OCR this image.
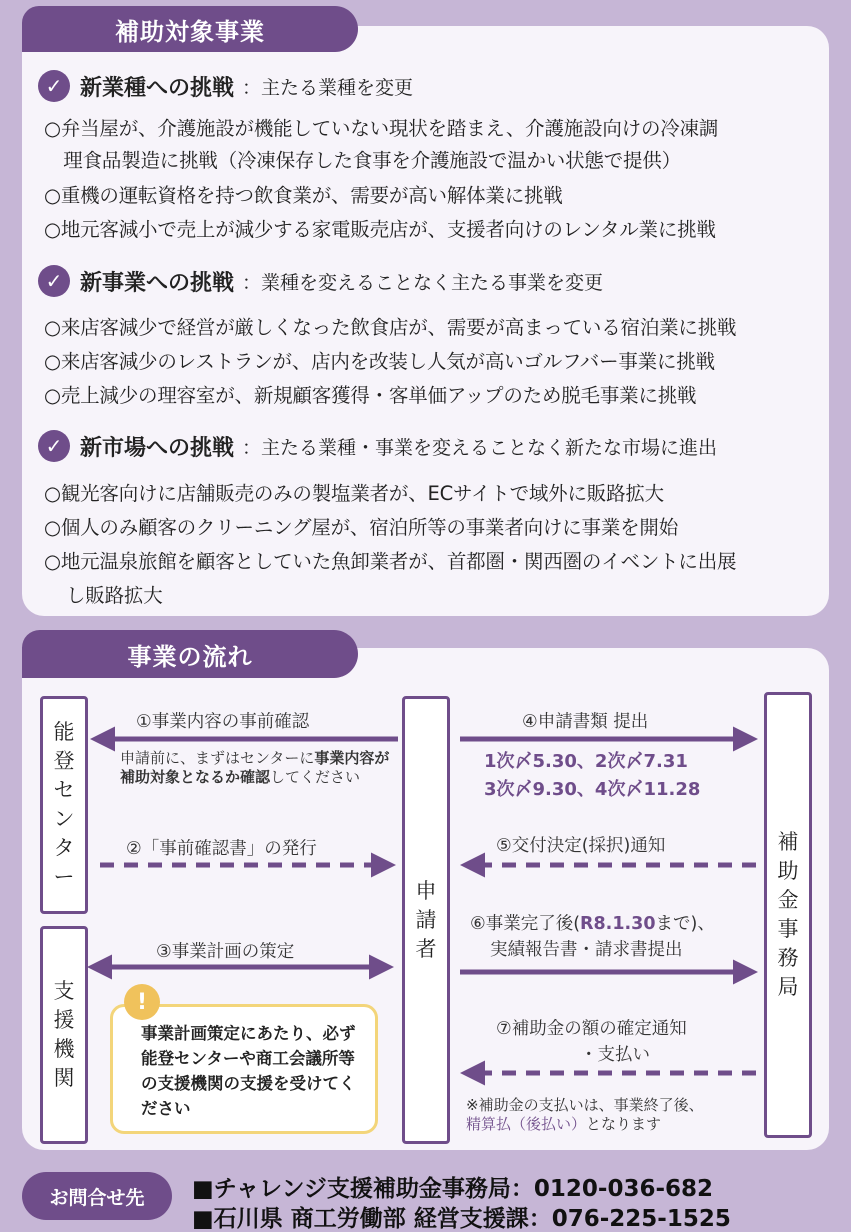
補助対象事業
✓ 新業種への挑戦 ：主たる業種を変更
○弁当屋が、介護施設が機能していない現状を踏まえ、介護施設向けの冷凍調
　理食品製造に挑戦（冷凍保存した食事を介護施設で温かい状態で提供）
○重機の運転資格を持つ飲食業が、需要が高い解体業に挑戦
○地元客減小で売上が減少する家電販売店が、支援者向けのレンタル業に挑戦
✓ 新事業への挑戦 ：業種を変えることなく主たる事業を変更
○来店客減少で経営が厳しくなった飲食店が、需要が高まっている宿泊業に挑戦
○来店客減少のレストランが、店内を改装し人気が高いゴルフバー事業に挑戦
○売上減少の理容室が、新規顧客獲得・客単価アップのため脱毛事業に挑戦
✓ 新市場への挑戦 ：主たる業種・事業を変えることなく新たな市場に進出
○観光客向けに店舗販売のみの製塩業者が、ECサイトで域外に販路拡大
○個人のみ顧客のクリーニング屋が、宿泊所等の事業者向けに事業を開始
○地元温泉旅館を顧客としていた魚卸業者が、首都圏・関西圏のイベントに出展
し販路拡大
事業の流れ
能登センター
支援機関
申請者
補助金事務局
①事業内容の事前確認
申請前に、まずはセンターに事業内容が補助対象となるか確認してください
②「事前確認書」の発行
③事業計画の策定
④申請書類 提出
1次〆5.30、2次〆7.31
3次〆9.30、4次〆11.28
⑤交付決定(採択)通知
⑥事業完了後(R8.1.30まで)、
実績報告書・請求書提出
⑦補助金の額の確定通知
・支払い
※補助金の支払いは、事業終了後、
精算払（後払い）となります
事業計画策定にあたり、必ず能登センターや商工会議所等の支援機関の支援を受けてください
!
お問合せ先	■チャレンジ支援補助金事務局：0120-036-682
■石川県 商工労働部 経営支援課：076-225-1525
